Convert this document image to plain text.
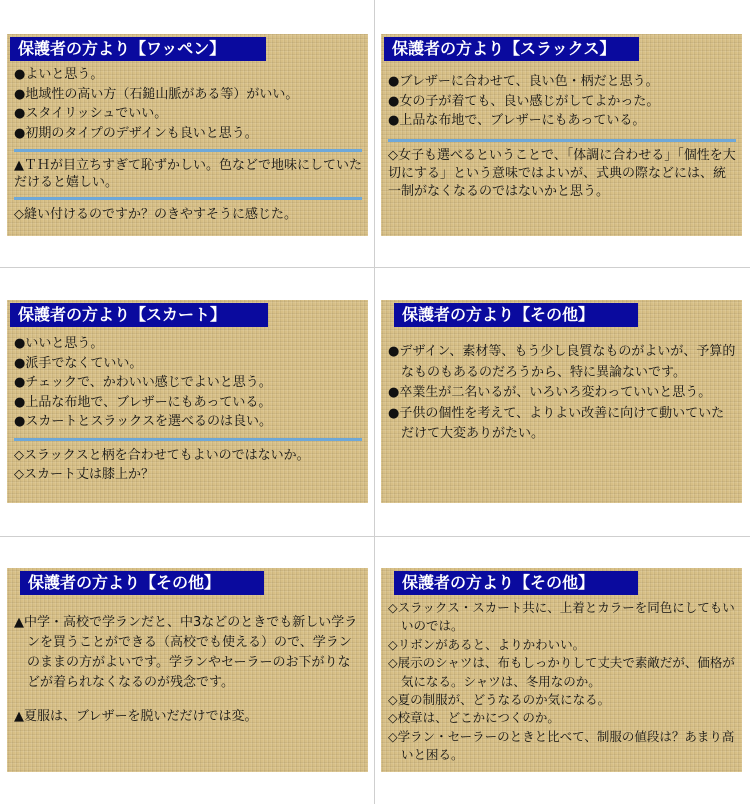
保護者の方より【ワッペン】
●よいと思う。
●地域性の高い方（石鎚山脈がある等）がいい。
●スタイリッシュでいい。
●初期のタイプのデザインも良いと思う。
▲ＴＨが目立ちすぎて恥ずかしい。色などで地味にしていただけると嬉しい。
◇縫い付けるのですか？のきやすそうに感じた。
保護者の方より【スラックス】
●ブレザーに合わせて、良い色・柄だと思う。
●女の子が着ても、良い感じがしてよかった。
●上品な布地で、ブレザーにもあっている。
◇女子も選べるということで、「体調に合わせる」「個性を大切にする」という意味ではよいが、式典の際などには、統一制がなくなるのではないかと思う。
保護者の方より【スカート】
●いいと思う。
●派手でなくていい。
●チェックで、かわいい感じでよいと思う。
●上品な布地で、ブレザーにもあっている。
●スカートとスラックスを選べるのは良い。
◇スラックスと柄を合わせてもよいのではないか。
◇スカート丈は膝上か？
保護者の方より【その他】
●デザイン、素材等、もう少し良質なものがよいが、予算的なものもあるのだろうから、特に異論ないです。
●卒業生が二名いるが、いろいろ変わっていいと思う。
●子供の個性を考えて、よりよい改善に向けて動いていただけて大変ありがたい。
保護者の方より【その他】
▲中学・高校で学ランだと、中3などのときでも新しい学ランを買うことができる（高校でも使える）ので、学ランのままの方がよいです。学ランやセーラーのお下がりなどが着られなくなるのが残念です。
▲夏服は、ブレザーを脱いだだけでは変。
保護者の方より【その他】
◇スラックス・スカート共に、上着とカラーを同色にしてもいいのでは。
◇リボンがあると、よりかわいい。
◇展示のシャツは、布もしっかりして丈夫で素敵だが、価格が気になる。シャツは、冬用なのか。
◇夏の制服が、どうなるのか気になる。
◇校章は、どこかにつくのか。
◇学ラン・セーラーのときと比べて、制服の値段は？あまり高いと困る。
